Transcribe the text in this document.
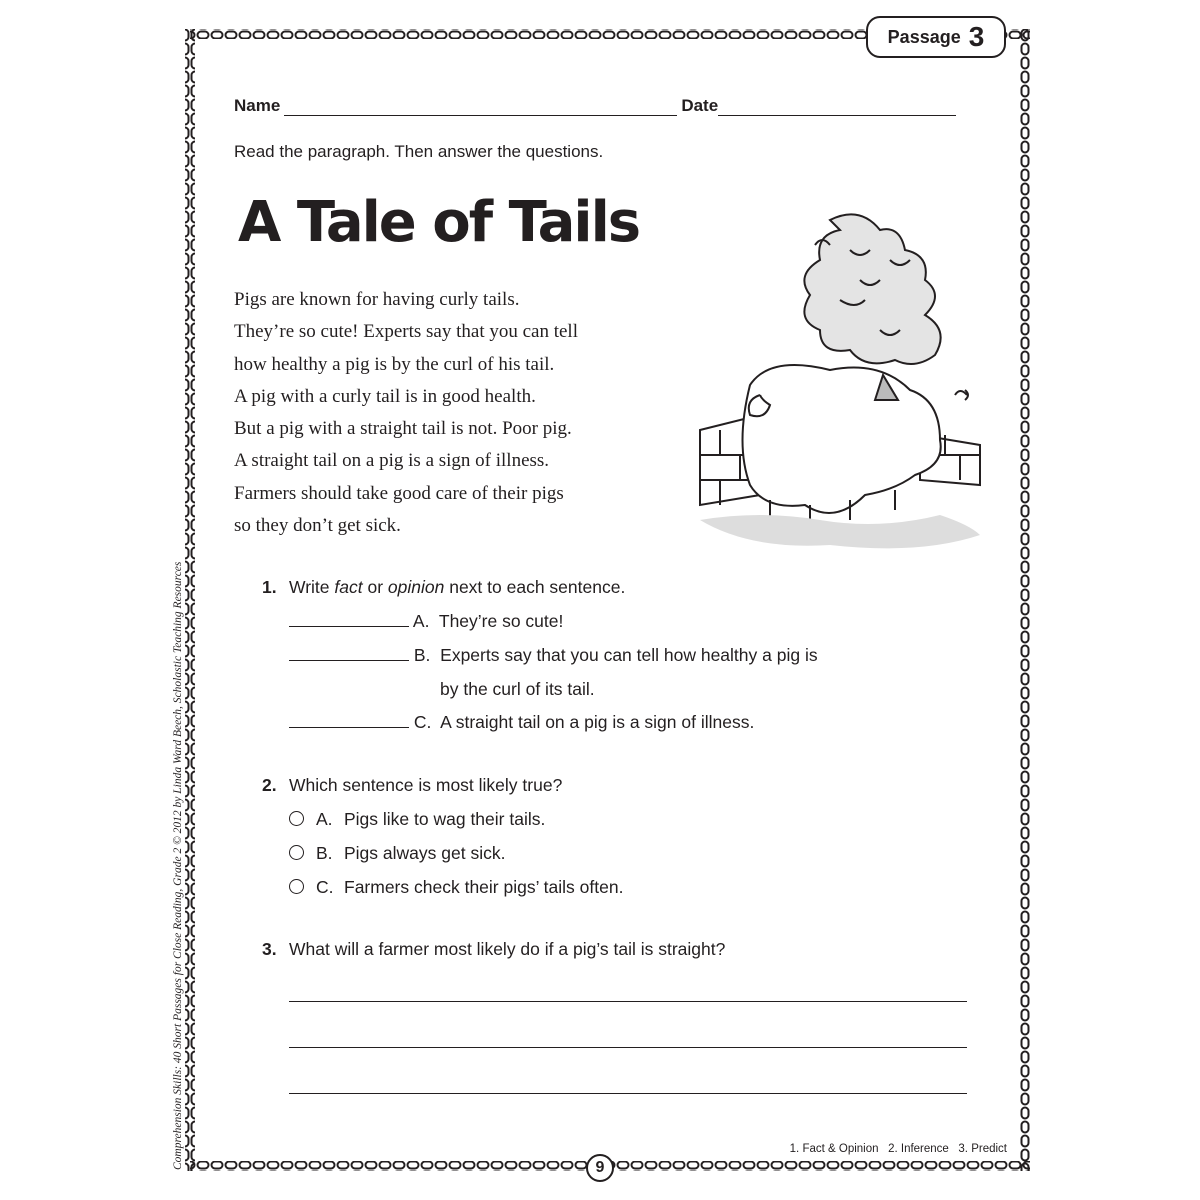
Passage 3
Name	Date
Read the paragraph. Then answer the questions.
A Tale of Tails
Pigs are known for having curly tails.
They’re so cute! Experts say that you can tell
how healthy a pig is by the curl of his tail.
A pig with a curly tail is in good health.
But a pig with a straight tail is not. Poor pig.
A straight tail on a pig is a sign of illness.
Farmers should take good care of their pigs
so they don’t get sick.
1. Write fact or opinion next to each sentence.
A. They’re so cute!
B. Experts say that you can tell how healthy a pig is
by the curl of its tail.
C. A straight tail on a pig is a sign of illness.
2. Which sentence is most likely true?
A. Pigs like to wag their tails.
B. Pigs always get sick.
C. Farmers check their pigs’ tails often.
3. What will a farmer most likely do if a pig’s tail is straight?
1. Fact & Opinion   2. Inference   3. Predict
9
Comprehension Skills: 40 Short Passages for Close Reading, Grade 2 © 2012 by Linda Ward Beech, Scholastic Teaching Resources
